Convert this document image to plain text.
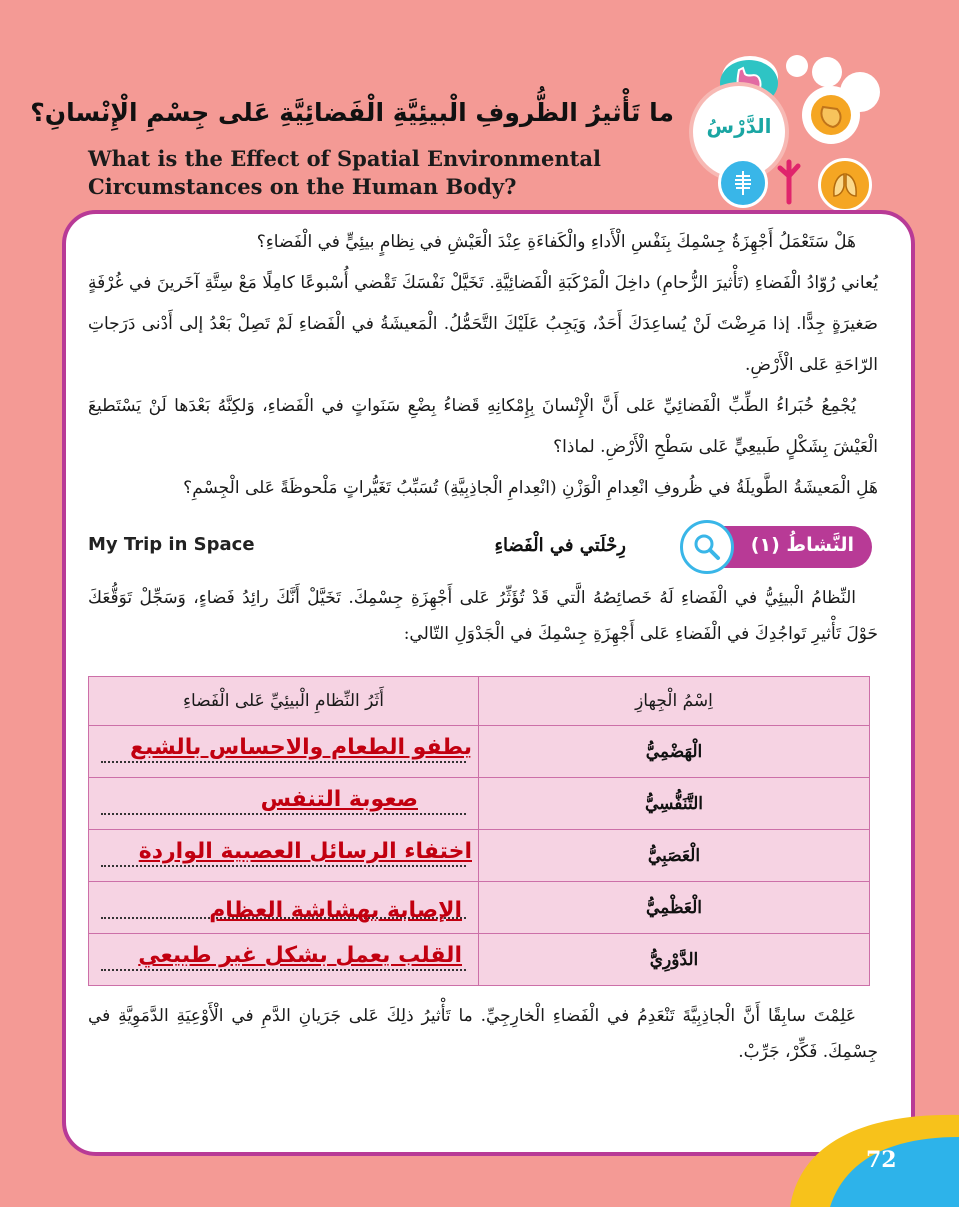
الدَّرْسُ
ما تَأْثيرُ الظُّروفِ الْبيئِيَّةِ الْفَضائِيَّةِ عَلى جِسْمِ الْإِنْسانِ؟
What is the Effect of Spatial Environmental
Circumstances on the Human Body?

هَلْ سَتَعْمَلُ أَجْهِزَةُ جِسْمِكَ بِنَفْسِ الْأَداءِ والْكَفاءَةِ عِنْدَ الْعَيْشِ في نِظامٍ بيئِيٍّ في الْفَضاءِ؟

يُعاني رُوّادُ الْفَضاءِ (تَأْثيرَ الزُّحامِ) داخِلَ الْمَرْكَبَةِ الْفَضائِيَّةِ. تَخَيَّلْ نَفْسَكَ تَقْضي أُسْبوعًا كامِلًا مَعْ سِتَّةِ آخَرينَ في غُرْفَةٍ صَغيرَةٍ جِدًّا. إذا مَرِضْتَ لَنْ يُساعِدَكَ أَحَدٌ، وَيَجِبُ عَلَيْكَ التَّحَمُّلُ. الْمَعيشَةُ في الْفَضاءِ لَمْ تَصِلْ بَعْدُ إلى أَدْنى دَرَجاتِ الرّاحَةِ عَلى الْأَرْضِ.

يُجْمِعُ خُبَراءُ الطِّبِّ الْفَضائِيِّ عَلى أَنَّ الْإِنْسانَ بِإِمْكانِهِ قَضاءُ بِضْعِ سَنَواتٍ في الْفَضاءِ، وَلكِنَّهُ بَعْدَها لَنْ يَسْتَطيعَ الْعَيْشَ بِشَكْلٍ طَبيعِيٍّ عَلى سَطْحِ الْأَرْضِ. لماذا؟

هَلِ الْمَعيشَةُ الطَّويلَةُ في ظُروفِ انْعِدامِ الْوَزْنِ (انْعِدامِ الْجاذِبِيَّةِ) تُسَبِّبُ تَغَيُّراتٍ مَلْحوظَةً عَلى الْجِسْمِ؟

النَّشاطُ (١)
رِحْلَتي في الْفَضاءِ
My Trip in Space

النِّظامُ الْبيئِيُّ في الْفَضاءِ لَهُ خَصائِصُهُ الَّتي قَدْ تُؤَثِّرُ عَلى أَجْهِزَةِ جِسْمِكَ. تَخَيَّلْ أَنَّكَ رائِدُ فَضاءٍ، وَسَجِّلْ تَوَقُّعَكَ حَوْلَ تَأْثيرِ تَواجُدِكَ في الْفَضاءِ عَلى أَجْهِزَةِ جِسْمِكَ في الْجَدْوَلِ التّالي:

اِسْمُ الْجِهازِ	أَثَرُ النِّظامِ الْبيئِيِّ عَلى الْفَضاءِ
الْهَضْمِيُّ	يطفو الطعام والاحساس بالشبع

التَّنَفُّسِيُّ	صعوبة التنفس

الْعَصَبِيُّ	اختفاء الرسائل العصبية الواردة

الْعَظْمِيُّ	الإصابة بهشاشة العظام

الدَّوْرِيُّ	القلب يعمل بشكل غير طبيعي

عَلِمْتَ سابِقًا أَنَّ الْجاذِبِيَّةَ تَنْعَدِمُ في الْفَضاءِ الْخارِجِيِّ. ما تَأْثيرُ ذلِكَ عَلى جَرَيانِ الدَّمِ في الْأَوْعِيَةِ الدَّمَوِيَّةِ في جِسْمِكَ. فَكِّرْ، جَرِّبْ.

72
